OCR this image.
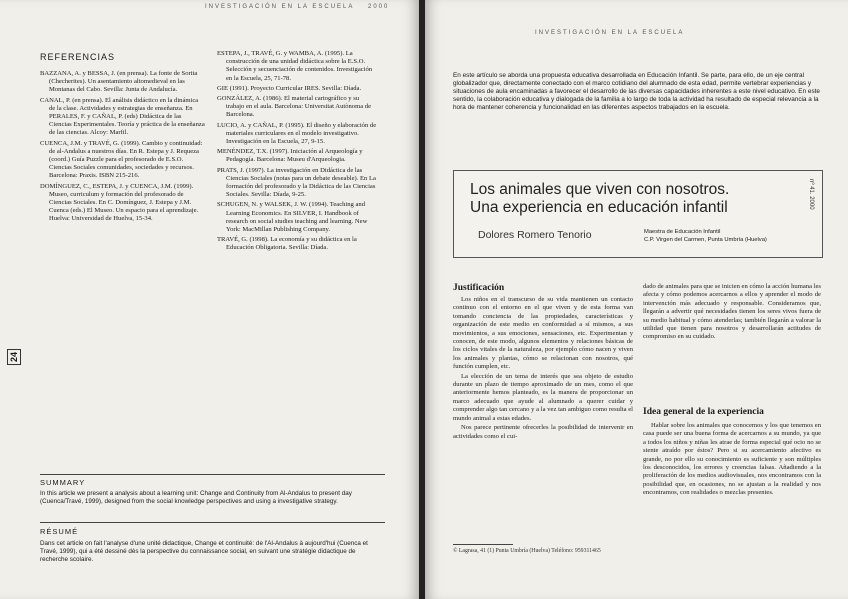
INVESTIGACIÓN EN LA ESCUELA 2000
REFERENCIAS

BAZZANA, A. y BESSA, J. (en prensa). La fonte de Sorita (Checherites). Un asentamiento altomedieval en las Montanas del Cabo. Sevilla: Junta de Andalucía.

CANAL, P. (en prensa). El análisis didáctico en la dinámica de la clase. Actividades y estrategias de enseñanza. En PERALES, F. y CAÑAL, P. (eds) Didáctica de las Ciencias Experimentales. Teoría y práctica de la enseñanza de las ciencias. Alcoy: Marfil.

CUENCA, J.M. y TRAVÉ, G. (1999). Cambio y continuidad: de al-Andalus a nuestros días. En R. Estepa y J. Requeza (coord.) Guía Puzzle para el profesorado de E.S.O. Ciencias Sociales comunidades, sociedades y recursos. Barcelona: Praxis. ISBN 215-216.

DOMÍNGUEZ, C., ESTEPA, J. y CUENCA, J.M. (1999). Museo, curriculum y formación del profesorado de Ciencias Sociales. En C. Domínguez, J. Estepa y J.M. Cuenca (eds.) El Museo. Un espacio para el aprendizaje. Huelva: Universidad de Huelva, 15-34.

ESTEPA, J., TRAVÉ, G. y WAMBA, A. (1995). La construcción de una unidad didáctica sobre la E.S.O. Selección y secuenciación de contenidos. Investigación en la Escuela, 25, 71-78.

GIE (1991). Proyecto Curricular IRES. Sevilla: Díada.

GONZÁLEZ, A. (1986). El material cartográfico y su trabajo en el aula. Barcelona: Universitat Autònoma de Barcelona.

LUCIO, A. y CAÑAL, P. (1995). El diseño y elaboración de materiales curriculares en el modelo investigativo. Investigación en la Escuela, 27, 9-15.

MENÉNDEZ, T.X. (1997). Iniciación al Arqueología y Pedagogía. Barcelona: Museu d'Arqueologia.

PRATS, J. (1997). La investigación en Didáctica de las Ciencias Sociales (notas para un debate deseable). En La formación del profesorado y la Didáctica de las Ciencias Sociales. Sevilla: Díada, 9-25.

SCHUGEN, N. y WALSEK, J. W. (1994). Teaching and Learning Economics. En SILVER, I. Handbook of research on social studies teaching and learning. New York: MacMillan Publishing Company.

TRAVÉ, G. (1998). La economía y su didáctica en la Educación Obligatoria. Sevilla: Díada.

24
SUMMARY
In this article we present a analysis about a learning unit: Change and Continuity from Al-Andalus to present day (Cuenca/Travé, 1999), designed from the social knowledge perspectives and using a investigative strategy.
RÉSUMÉ
Dans cet article on fait l'analyse d'une unité didactique, Change et continuité: de l'Al-Andalus à aujourd'hui (Cuenca et Travé, 1999), qui a été dessiné dès la perspective du connaissance social, en suivant une stratégie didactique de recherche scolaire.
INVESTIGACIÓN EN LA ESCUELA
En este artículo se aborda una propuesta educativa desarrollada en Educación Infantil. Se parte, para ello, de un eje central globalizador que, directamente conectado con el marco cotidiano del alumnado de esta edad, permite vertebrar experiencias y situaciones de aula encaminadas a favorecer el desarrollo de las diversas capacidades inherentes a este nivel educativo. En este sentido, la colaboración educativa y dialogada de la familia a lo largo de toda la actividad ha resultado de especial relevancia a la hora de mantener coherencia y funcionalidad en las diferentes aspectos trabajados en la escuela.
Los animales que viven con nosotros.
Una experiencia en educación infantil
Dolores Romero Tenorio	Maestra de Educación Infantil
C.P. Virgen del Carmen, Punta Umbría (Huelva)
nº 41. 2000
Justificación

Los niños en el transcurso de su vida mantienen un contacto continuo con el entorno en el que viven y de esta forma van tomando conciencia de las propiedades, características y organización de este medio en conformidad a sí mismos, a sus movimientos, a sus emociones, sensaciones, etc. Experimentan y conocen, de este modo, algunos elementos y relaciones básicas de los ciclos vitales de la naturaleza, por ejemplo cómo nacen y viven los animales y plantas, cómo se relacionan con nosotros, qué función cumplen, etc.

La elección de un tema de interés que sea objeto de estudio durante un plazo de tiempo aproximado de un mes, como el que anteriormente hemos planteado, es la manera de proporcionar un marco adecuado que ayude al alumnado a querer cuidar y comprender algo tan cercano y a la vez tan ambiguo como resulta el mundo animal a estas edades.

Nos parece pertinente ofrecerles la posibilidad de intervenir en actividades como el cui-

© Lagrasa, 41 (1) Punta Umbría (Huelva) Teléfono: 959311465

dado de animales para que se inicien en cómo la acción humana les afecta y cómo podemos acercarnos a ellos y aprender el modo de intervención más adecuado y responsable. Consideramos que, llegarán a advertir qué necesidades tienen los seres vivos fuera de su medio habitual y cómo atenderlas; también llegarán a valorar la utilidad que tienen para nosotros y desarrollarán actitudes de compromiso en su cuidado.

Idea general de la experiencia

Hablar sobre los animales que conocemos y los que tenemos en casa puede ser una buena forma de acercarnos a su mundo, ya que a todos los niños y niñas les atrae de forma especial qué ocio no se siente atraído por éstos? Pero si su acercamiento afectivo es grande, no por ello su conocimiento es suficiente y son múltiples los desconocidos, los errores y creencias falsas. Añadiendo a la proliferación de los medios audiovisuales, nos encontramos con la posibilidad que, en ocasiones, no se ajustan a la realidad y nos encontramos, con realidades o mezclas presentes.
